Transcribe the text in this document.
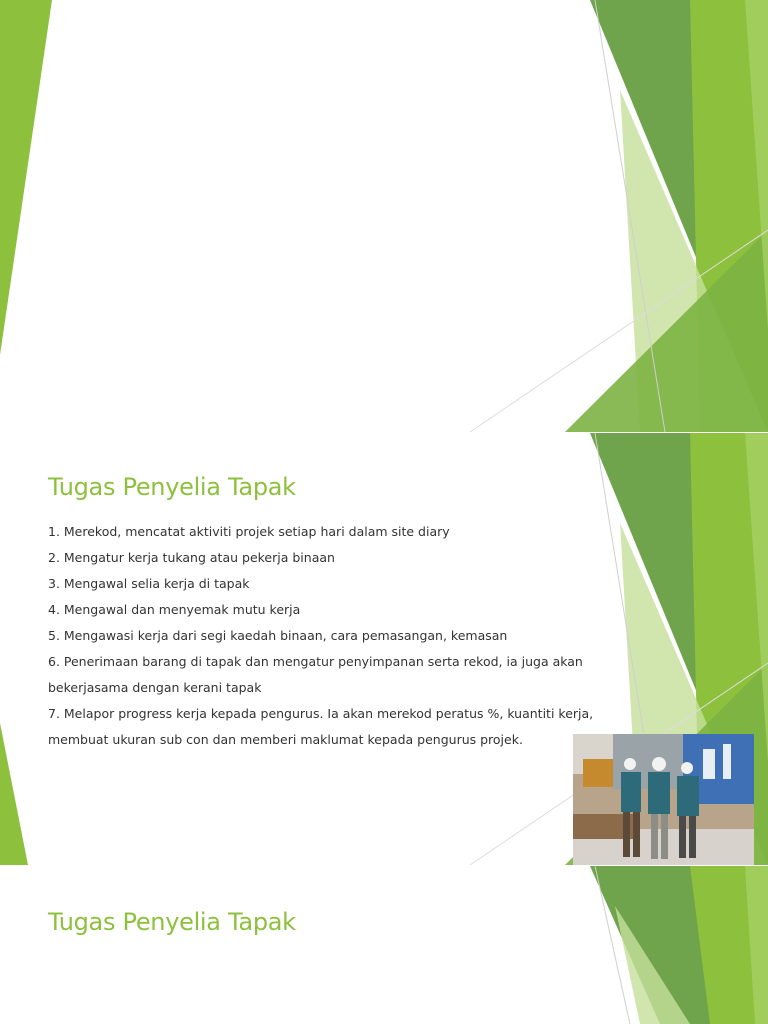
Tugas Penyelia Tapak
1. Merekod, mencatat aktiviti projek setiap hari dalam site diary
2. Mengatur kerja tukang atau pekerja binaan
3. Mengawal selia kerja di tapak
4. Mengawal dan menyemak mutu kerja
5. Mengawasi kerja dari segi kaedah binaan, cara pemasangan, kemasan
6. Penerimaan barang di tapak dan mengatur penyimpanan serta rekod, ia juga akan bekerjasama dengan kerani tapak
7. Melapor progress kerja kepada pengurus. Ia akan merekod peratus %, kuantiti kerja, membuat ukuran sub con dan memberi maklumat kepada pengurus projek.
Tugas Penyelia Tapak
